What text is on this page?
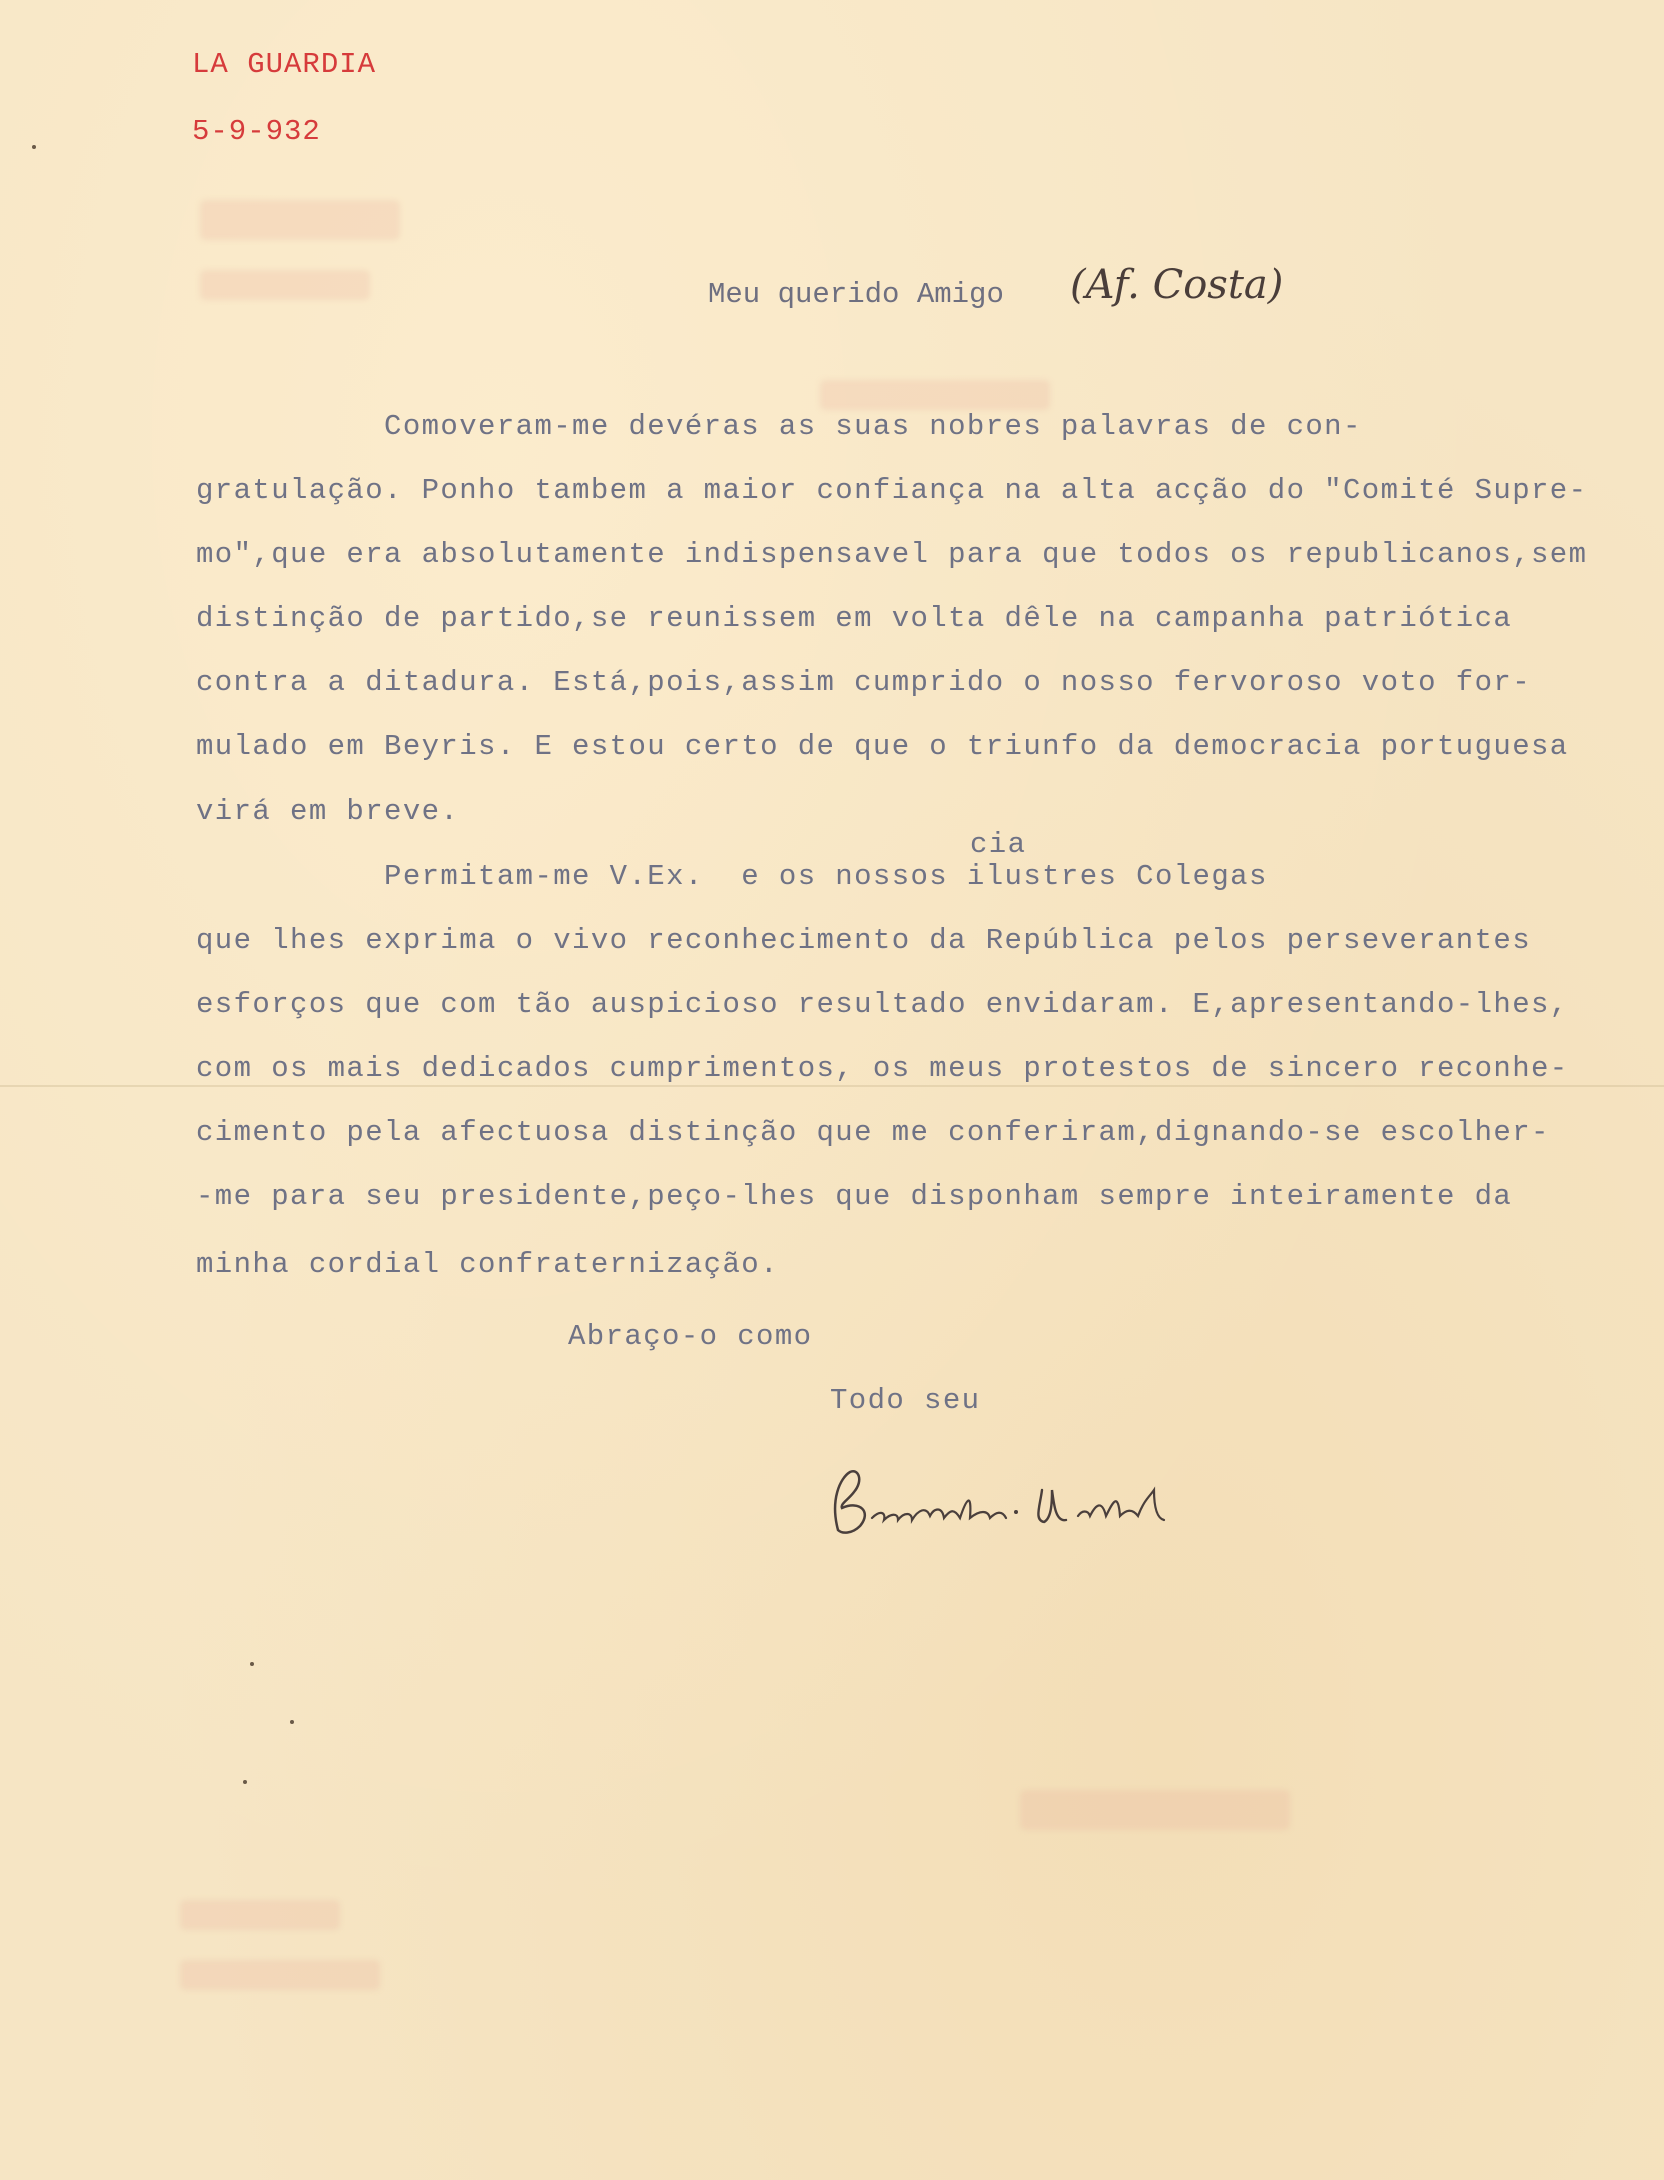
LA GUARDIA
5-9-932
Meu querido Amigo (Af. Costa)
Comoveram-me devéras as suas nobres palavras de con-
gratulação. Ponho tambem a maior confiança na alta acção do "Comité Supre-
mo",que era absolutamente indispensavel para que todos os republicanos,sem
distinção de partido,se reunissem em volta dêle na campanha patriótica
contra a ditadura. Está,pois,assim cumprido o nosso fervoroso voto for-
mulado em Beyris. E estou certo de que o triunfo da democracia portuguesa
virá em breve.
cia
Permitam-me V.Ex.  e os nossos ilustres Colegas
que lhes exprima o vivo reconhecimento da República pelos perseverantes
esforços que com tão auspicioso resultado envidaram. E,apresentando-lhes,
com os mais dedicados cumprimentos, os meus protestos de sincero reconhe-
cimento pela afectuosa distinção que me conferiram,dignando-se escolher-
-me para seu presidente,peço-lhes que disponham sempre inteiramente da
minha cordial confraternização.
Abraço-o como
Todo seu
